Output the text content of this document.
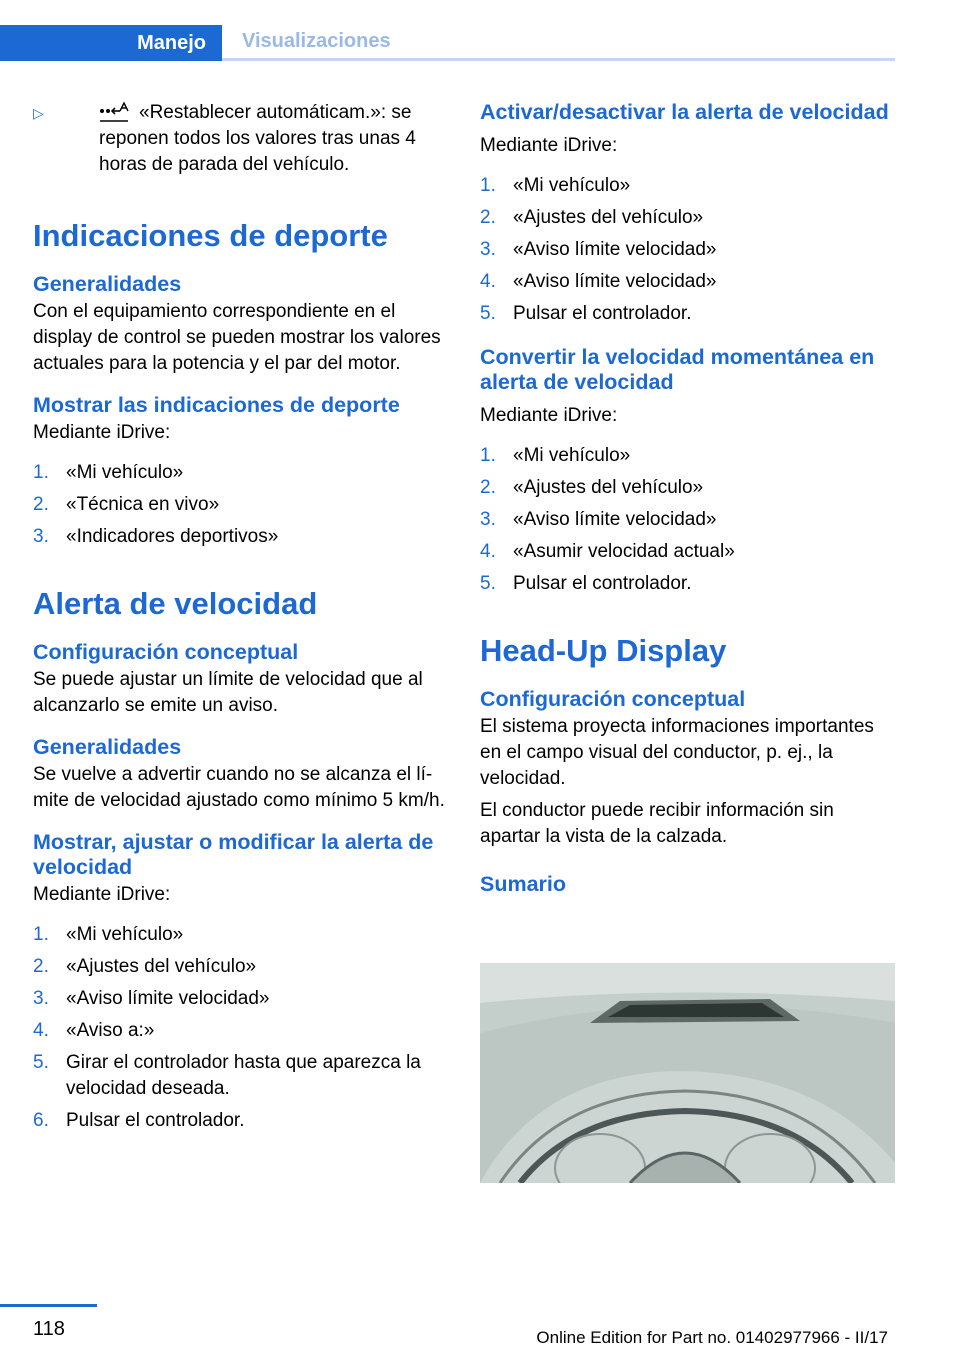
Manejo	Visualizaciones
▷	«Restablecer automáticam.»: se reponen todos los valores tras unas 4 horas de parada del vehículo.
Indicaciones de deporte
Generalidades

Con el equipamiento correspondiente en el display de control se pueden mostrar los valores actuales para la potencia y el par del motor.

Mostrar las indicaciones de deporte

Mediante iDrive:

1. «Mi vehículo»
2. «Técnica en vivo»
3. «Indicadores deportivos»
Alerta de velocidad
Configuración conceptual

Se puede ajustar un límite de velocidad que al alcanzarlo se emite un aviso.

Generalidades

Se vuelve a advertir cuando no se alcanza el límite de velocidad ajustado como mínimo 5 km/h.

Mostrar, ajustar o modificar la alerta de velocidad

Mediante iDrive:

1. «Mi vehículo»
2. «Ajustes del vehículo»
3. «Aviso límite velocidad»
4. «Aviso a:»
5. Girar el controlador hasta que aparezca la velocidad deseada.
6. Pulsar el controlador.
Activar/desactivar la alerta de velocidad

Mediante iDrive:

1. «Mi vehículo»
2. «Ajustes del vehículo»
3. «Aviso límite velocidad»
4. «Aviso límite velocidad»
5. Pulsar el controlador.
Convertir la velocidad momentánea en alerta de velocidad

Mediante iDrive:

1. «Mi vehículo»
2. «Ajustes del vehículo»
3. «Aviso límite velocidad»
4. «Asumir velocidad actual»
5. Pulsar el controlador.
Head-Up Display
Configuración conceptual

El sistema proyecta informaciones importantes en el campo visual del conductor, p. ej., la velocidad.

El conductor puede recibir información sin apartar la vista de la calzada.

Sumario
118	Online Edition for Part no. 01402977966 - II/17
